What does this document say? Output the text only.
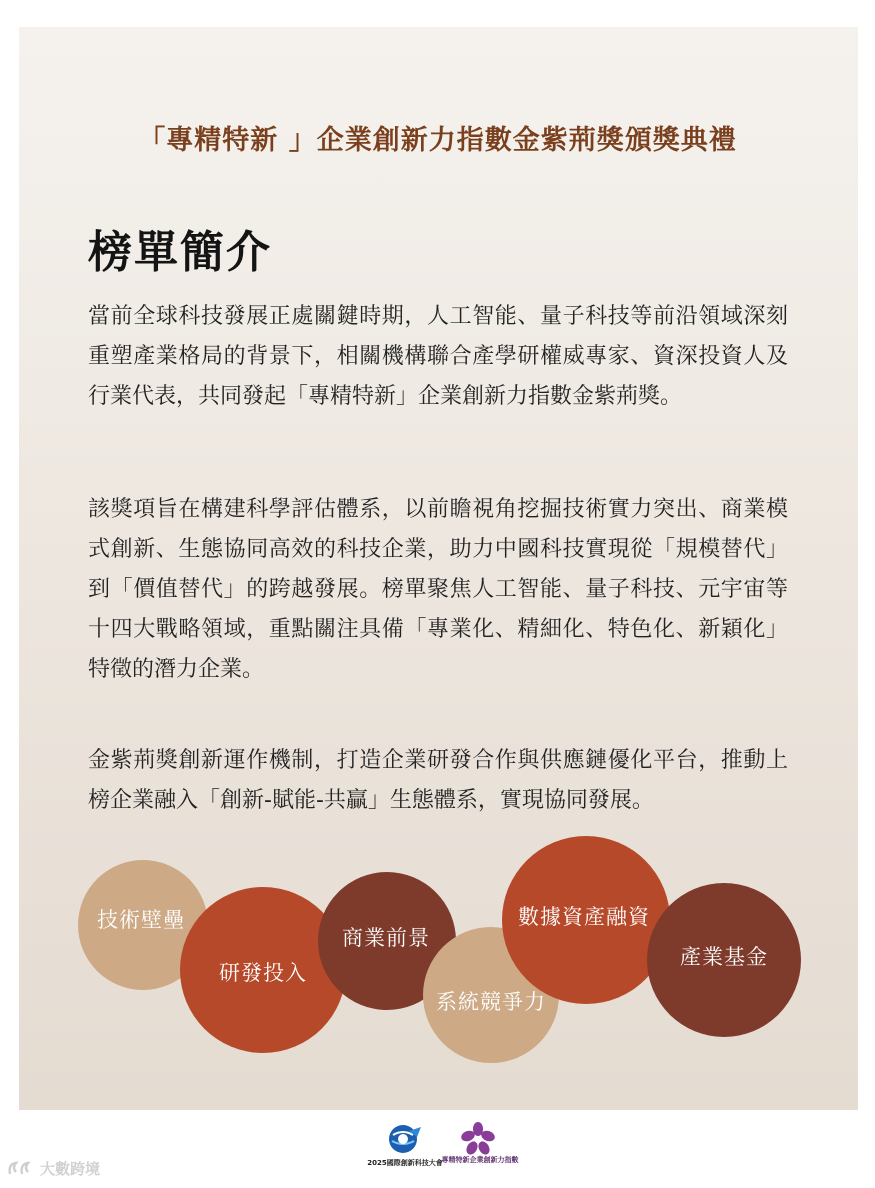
「專精特新 」企業創新力指數金紫荊獎頒獎典禮
榜單簡介

當前全球科技發展正處關鍵時期，人工智能、量子科技等前沿領域深刻重塑產業格局的背景下，相關機構聯合產學研權威專家、資深投資人及行業代表，共同發起「專精特新」企業創新力指數金紫荊獎。

該獎項旨在構建科學評估體系，以前瞻視角挖掘技術實力突出、商業模式創新、生態協同高效的科技企業，助力中國科技實現從「規模替代」到「價值替代」的跨越發展。榜單聚焦人工智能、量子科技、元宇宙等十四大戰略領域，重點關注具備「專業化、精細化、特色化、新穎化」特徵的潛力企業。

金紫荊獎創新運作機制，打造企業研發合作與供應鏈優化平台，推動上榜企業融入「創新-賦能-共贏」生態體系，實現協同發展。

技術壁壘
研發投入
商業前景
系統競爭力
數據資產融資
產業基金
2025國際創新科技大會
專精特新企業創新力指數
大數跨境
